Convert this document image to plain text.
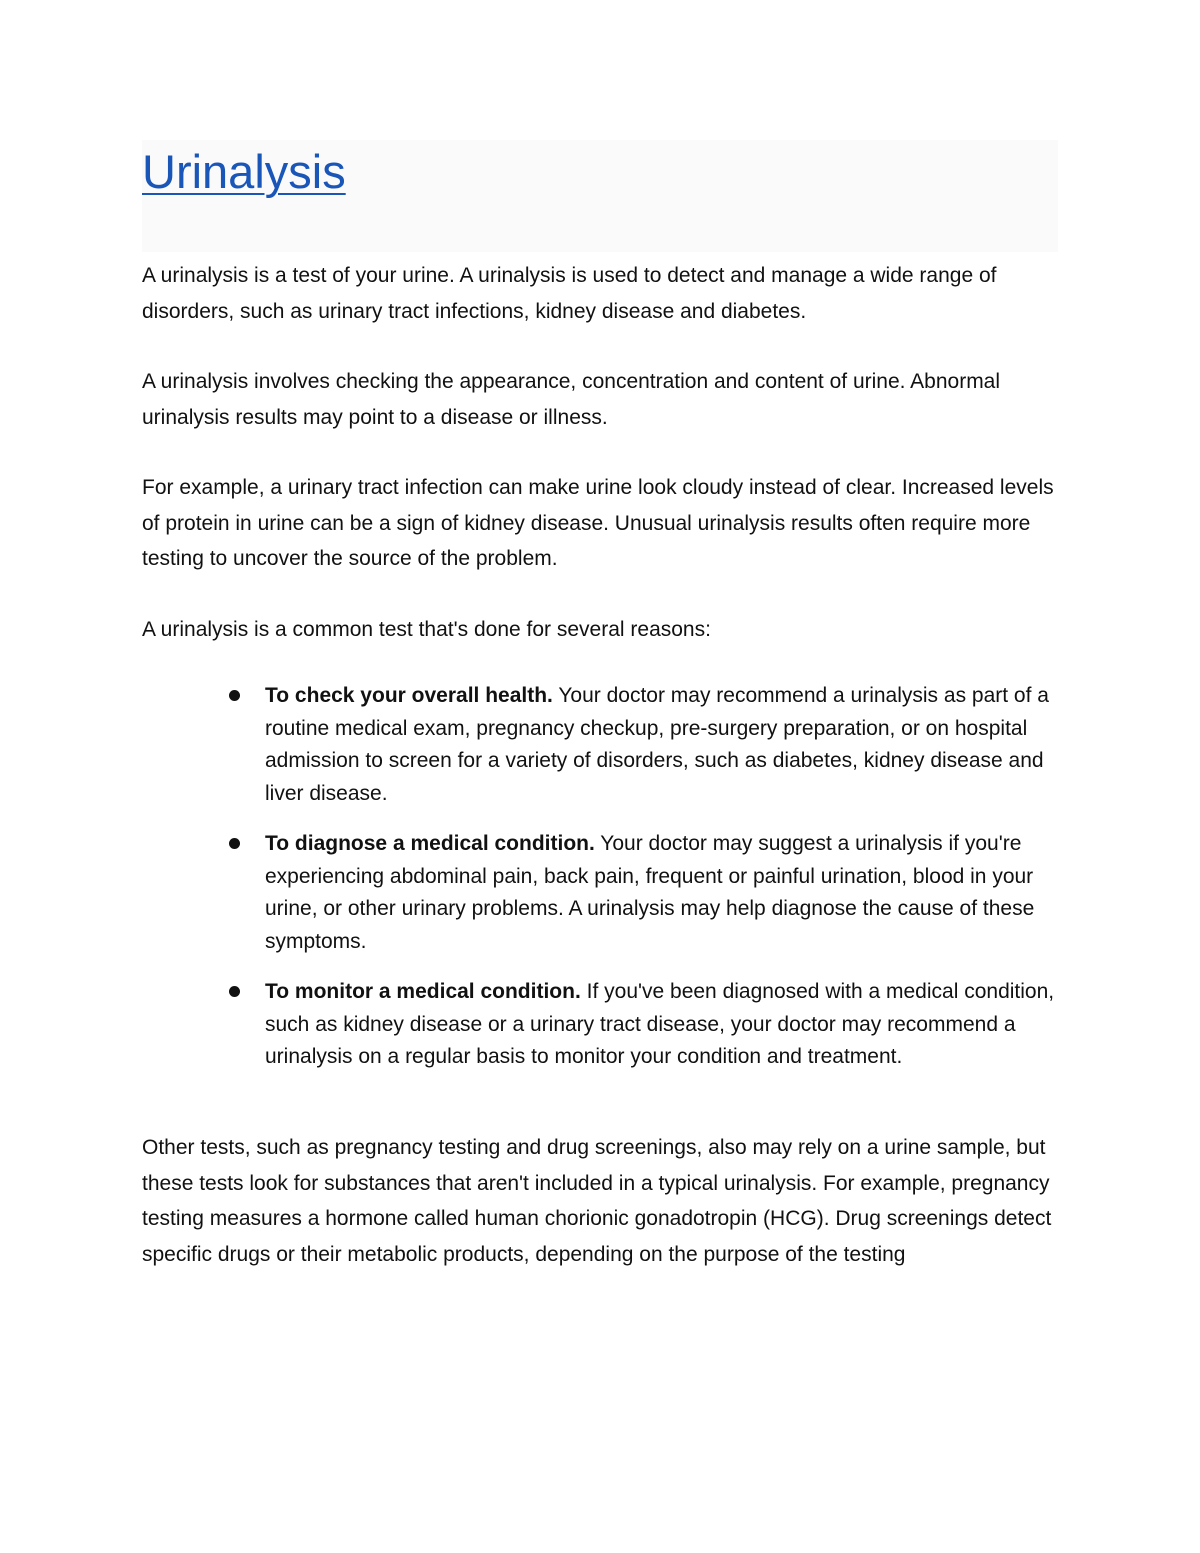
Urinalysis

A urinalysis is a test of your urine. A urinalysis is used to detect and manage a wide range of disorders, such as urinary tract infections, kidney disease and diabetes.

A urinalysis involves checking the appearance, concentration and content of urine. Abnormal urinalysis results may point to a disease or illness.

For example, a urinary tract infection can make urine look cloudy instead of clear. Increased levels of protein in urine can be a sign of kidney disease. Unusual urinalysis results often require more testing to uncover the source of the problem.

A urinalysis is a common test that's done for several reasons:

To check your overall health. Your doctor may recommend a urinalysis as part of a routine medical exam, pregnancy checkup, pre-surgery preparation, or on hospital admission to screen for a variety of disorders, such as diabetes, kidney disease and liver disease.
To diagnose a medical condition. Your doctor may suggest a urinalysis if you're experiencing abdominal pain, back pain, frequent or painful urination, blood in your urine, or other urinary problems. A urinalysis may help diagnose the cause of these symptoms.
To monitor a medical condition. If you've been diagnosed with a medical condition, such as kidney disease or a urinary tract disease, your doctor may recommend a urinalysis on a regular basis to monitor your condition and treatment.

Other tests, such as pregnancy testing and drug screenings, also may rely on a urine sample, but these tests look for substances that aren't included in a typical urinalysis. For example, pregnancy testing measures a hormone called human chorionic gonadotropin (HCG). Drug screenings detect specific drugs or their metabolic products, depending on the purpose of the testing
